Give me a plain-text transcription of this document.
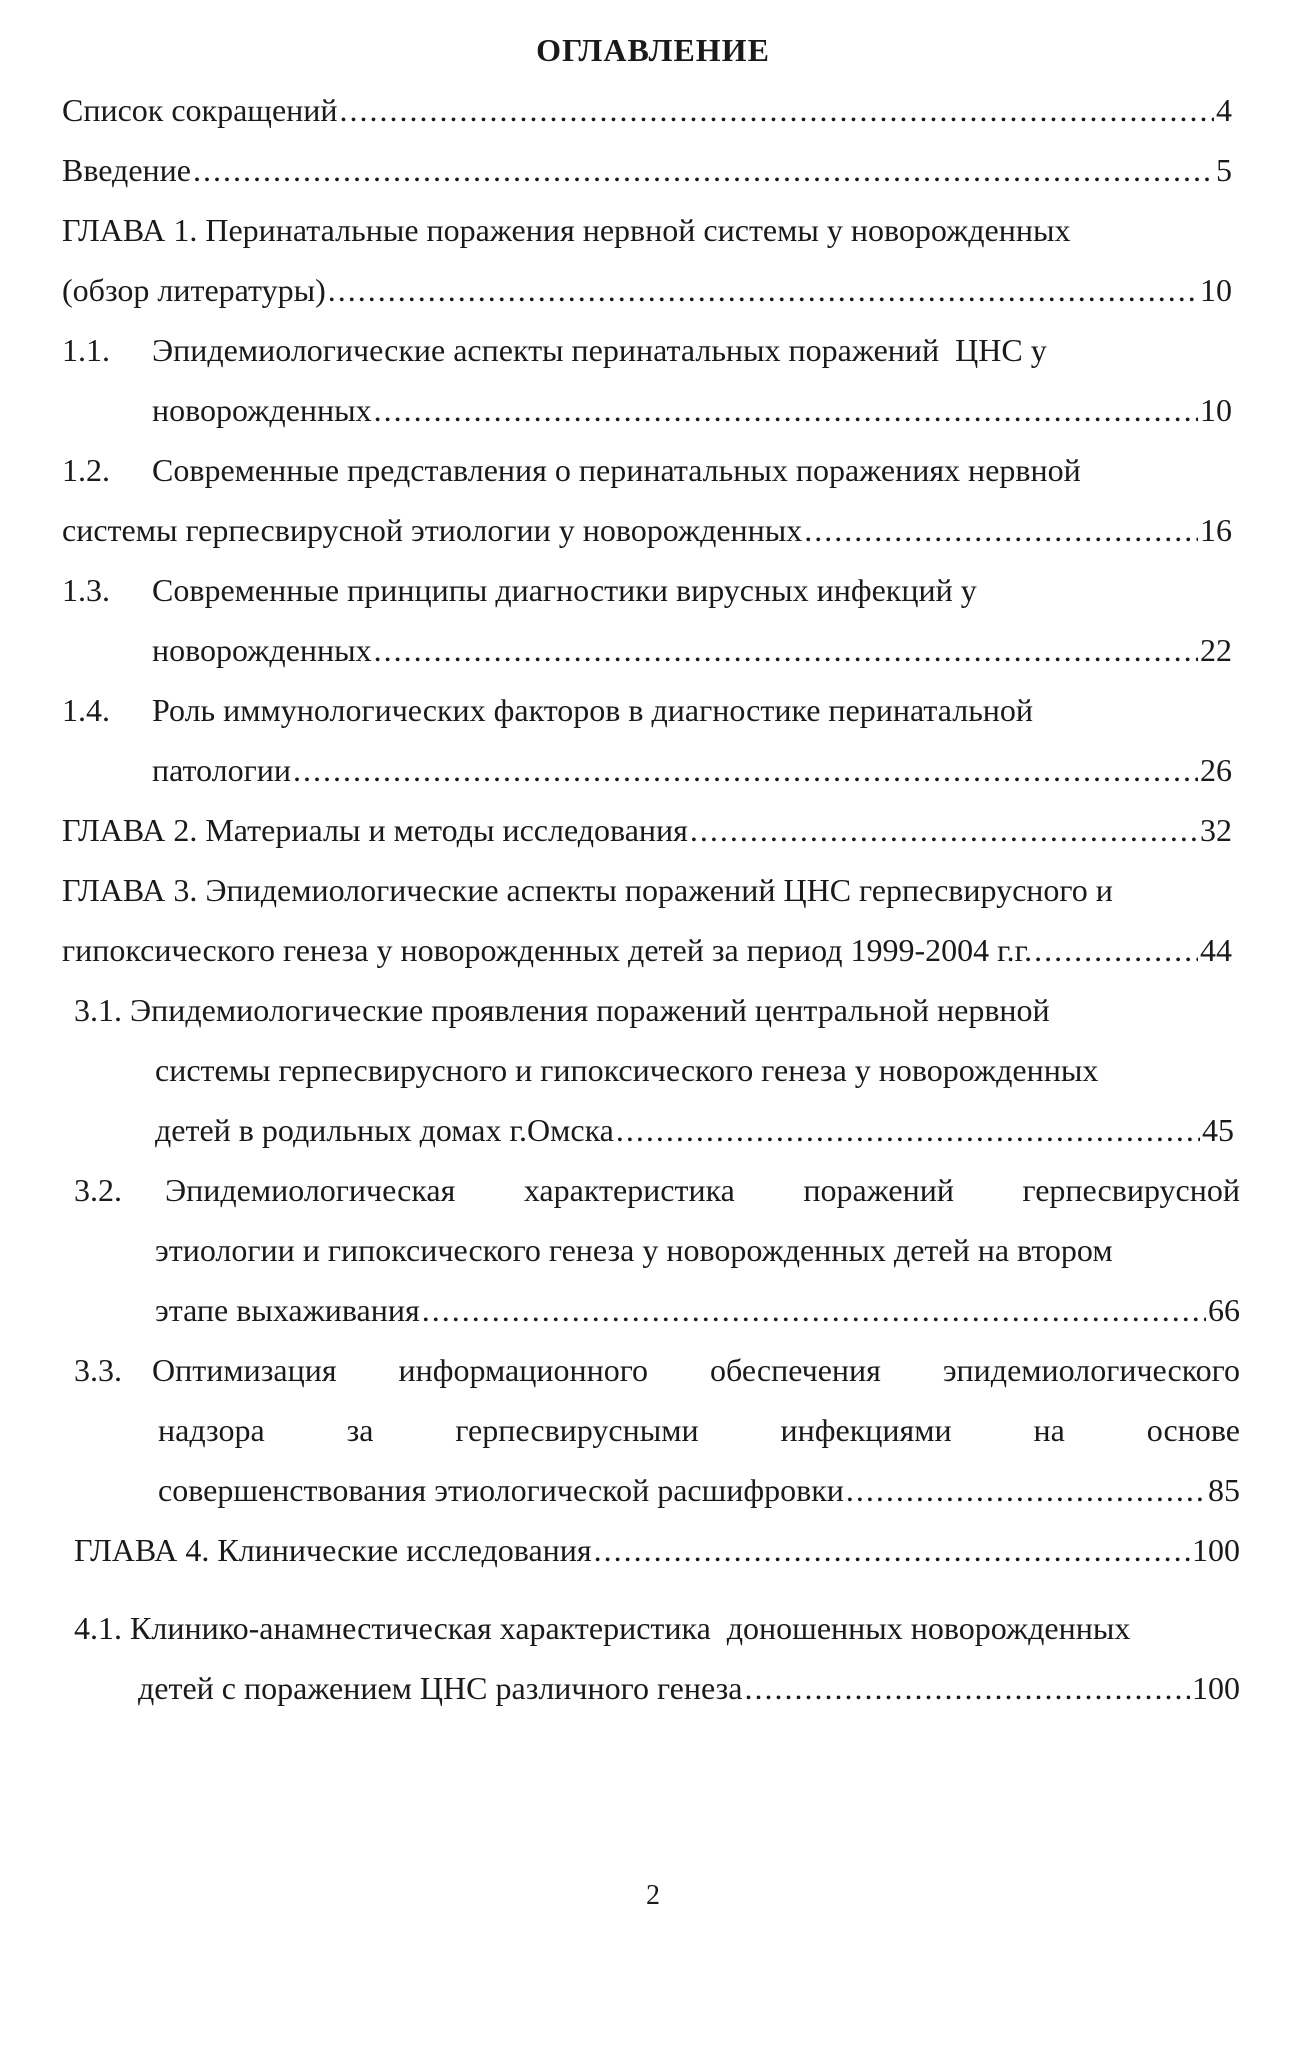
ОГЛАВЛЕНИЕ
Список сокращений .....	4
Введение .....	5
ГЛАВА 1. Перинатальные поражения нервной системы у новорожденных
(обзор литературы) .....	10
1.1. Эпидемиологические аспекты перинатальных поражений  ЦНС у
новорожденных .....	10
1.2. Современные представления о перинатальных поражениях нервной
системы герпесвирусной этиологии у новорожденных .....	16
1.3. Современные принципы диагностики вирусных инфекций у
новорожденных .....	22
1.4. Роль иммунологических факторов в диагностике перинатальной
патологии .....	26
ГЛАВА 2. Материалы и методы исследования .....	32
ГЛАВА 3. Эпидемиологические аспекты поражений ЦНС герпесвирусного и
гипоксического генеза у новорожденных детей за период 1999-2004 г.г. .....	44
3.1. Эпидемиологические проявления поражений центральной нервной
системы герпесвирусного и гипоксического генеза у новорожденных
детей в родильных домах г.Омска .....	45
3.2. Эпидемиологическая характеристика поражений герпесвирусной
этиологии и гипоксического генеза у новорожденных детей на втором
этапе выхаживания .....	66
3.3. Оптимизация информационного обеспечения эпидемиологического
надзора за герпесвирусными инфекциями на основе
совершенствования этиологической расшифровки .....	85
ГЛАВА 4. Клинические исследования .....	100
4.1. Клинико-анамнестическая характеристика  доношенных новорожденных
детей с поражением ЦНС различного генеза .....	100
2
